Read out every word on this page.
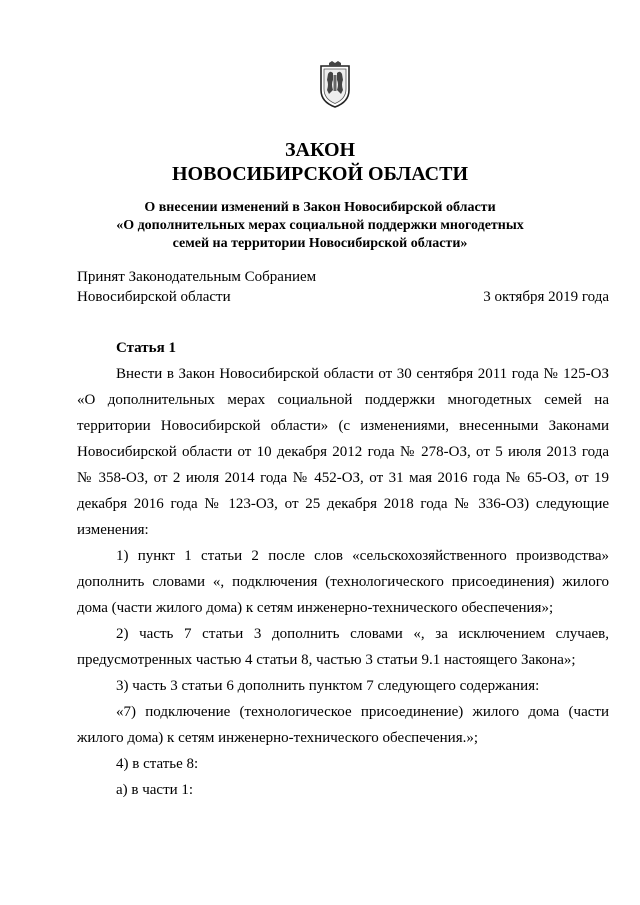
ЗАКОН
НОВОСИБИРСКОЙ ОБЛАСТИ
О внесении изменений в Закон Новосибирской области
«О дополнительных мерах социальной поддержки многодетных
семей на территории Новосибирской области»
Принят Законодательным Собранием
Новосибирской области	3 октября 2019 года
Статья 1
Внести в Закон Новосибирской области от 30 сентября 2011 года № 125-ОЗ
«О дополнительных мерах социальной поддержки многодетных семей на
территории Новосибирской области» (с изменениями, внесенными Законами
Новосибирской области от 10 декабря 2012 года № 278-ОЗ, от 5 июля 2013 года
№ 358-ОЗ, от 2 июля 2014 года № 452-ОЗ, от 31 мая 2016 года № 65-ОЗ, от 19
декабря 2016 года № 123-ОЗ, от 25 декабря 2018 года № 336-ОЗ) следующие
изменения:
1) пункт 1 статьи 2 после слов «сельскохозяйственного производства»
дополнить словами «, подключения (технологического присоединения) жилого
дома (части жилого дома) к сетям инженерно-технического обеспечения»;
2) часть 7 статьи 3 дополнить словами «, за исключением случаев,
предусмотренных частью 4 статьи 8, частью 3 статьи 9.1 настоящего Закона»;
3) часть 3 статьи 6 дополнить пунктом 7 следующего содержания:
«7) подключение (технологическое присоединение) жилого дома (части
жилого дома) к сетям инженерно-технического обеспечения.»;
4) в статье 8:
а) в части 1:
